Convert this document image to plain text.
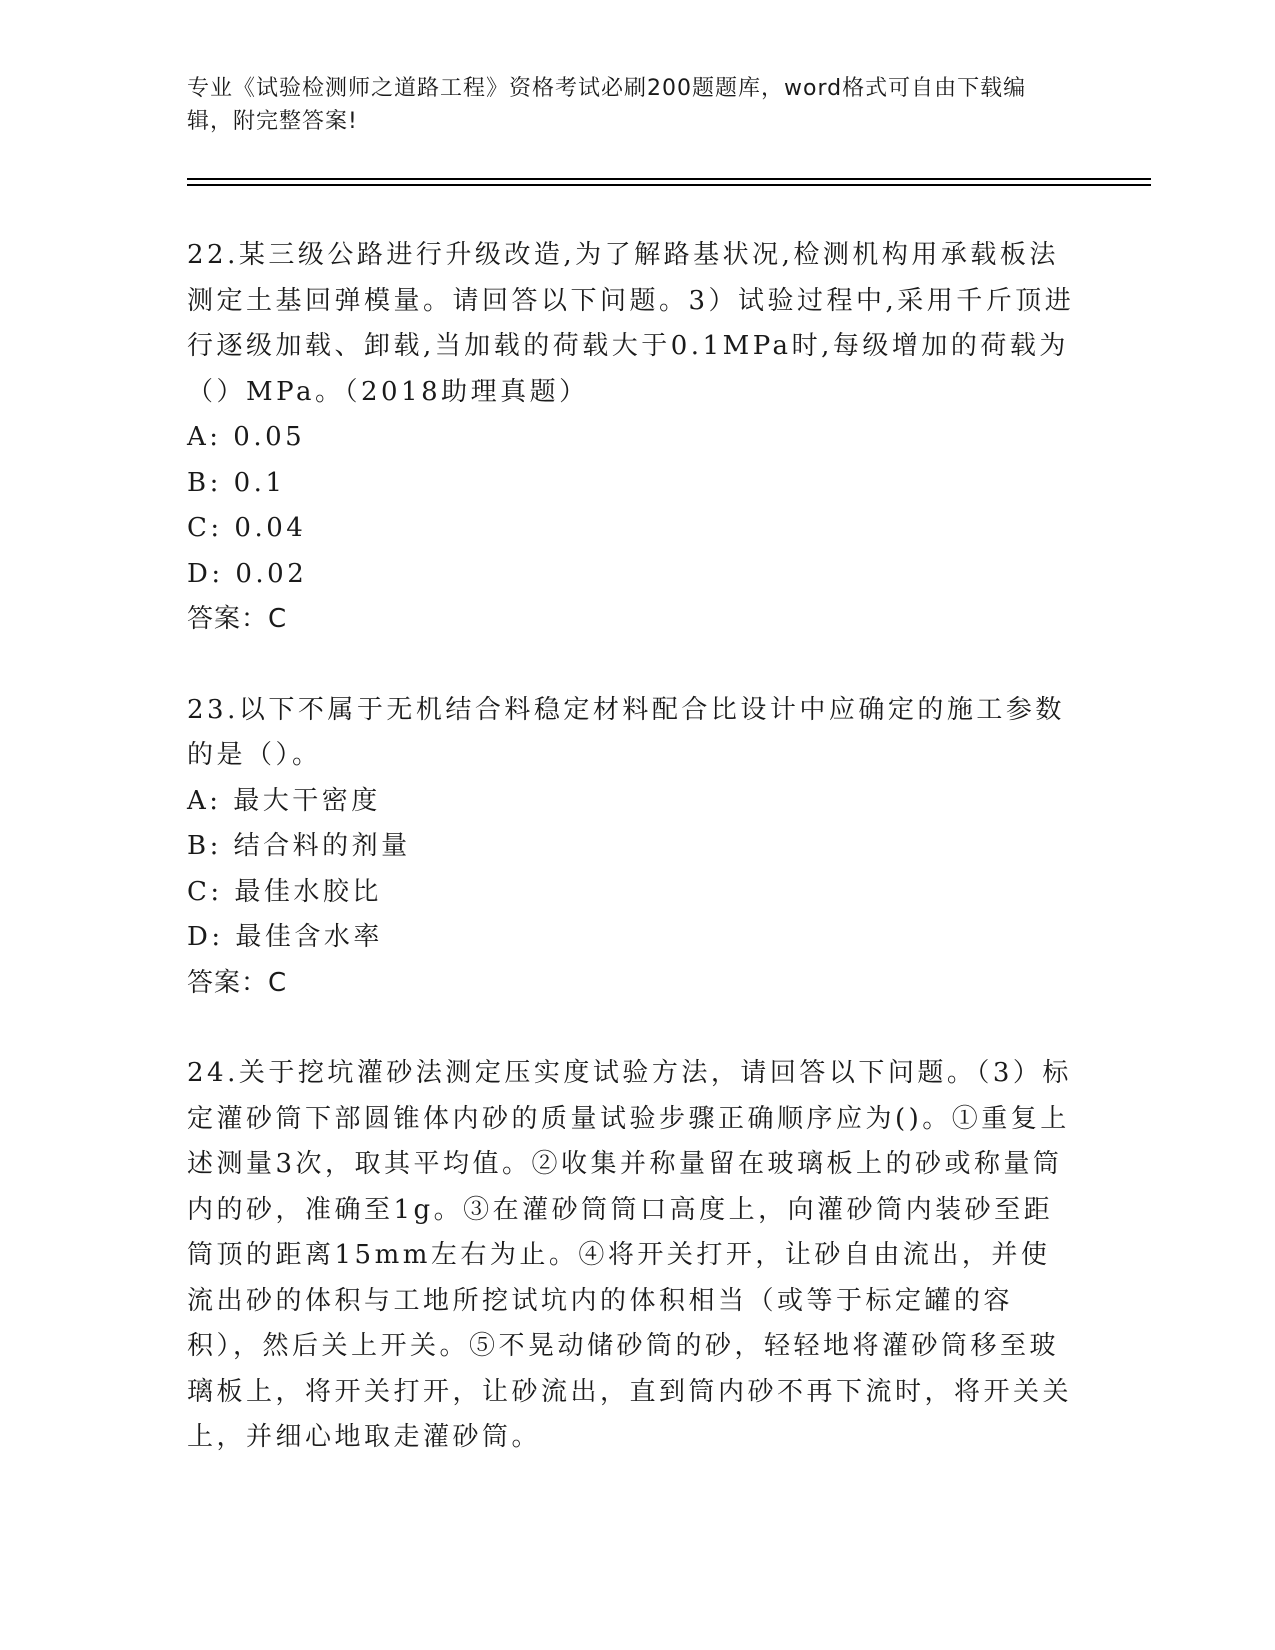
专业《试验检测师之道路工程》资格考试必刷200题题库，word格式可自由下载编辑，附完整答案!
22.某三级公路进行升级改造,为了解路基状况,检测机构用承载板法测定土基回弹模量。请回答以下问题。3）试验过程中,采用千斤顶进行逐级加载、卸载,当加载的荷载大于0.1MPa时,每级增加的荷载为（）MPa。（2018助理真题）
A: 0.05
B: 0.1
C: 0.04
D: 0.02
答案：C
23.以下不属于无机结合料稳定材料配合比设计中应确定的施工参数的是（）。
A: 最大干密度
B: 结合料的剂量
C: 最佳水胶比
D: 最佳含水率
答案：C
24.关于挖坑灌砂法测定压实度试验方法，请回答以下问题。（3）标定灌砂筒下部圆锥体内砂的质量试验步骤正确顺序应为()。①重复上述测量3次，取其平均值。②收集并称量留在玻璃板上的砂或称量筒内的砂，准确至1g。③在灌砂筒筒口高度上，向灌砂筒内装砂至距筒顶的距离15mm左右为止。④将开关打开，让砂自由流出，并使流出砂的体积与工地所挖试坑内的体积相当（或等于标定罐的容积），然后关上开关。⑤不晃动储砂筒的砂，轻轻地将灌砂筒移至玻璃板上，将开关打开，让砂流出，直到筒内砂不再下流时，将开关关上，并细心地取走灌砂筒。
